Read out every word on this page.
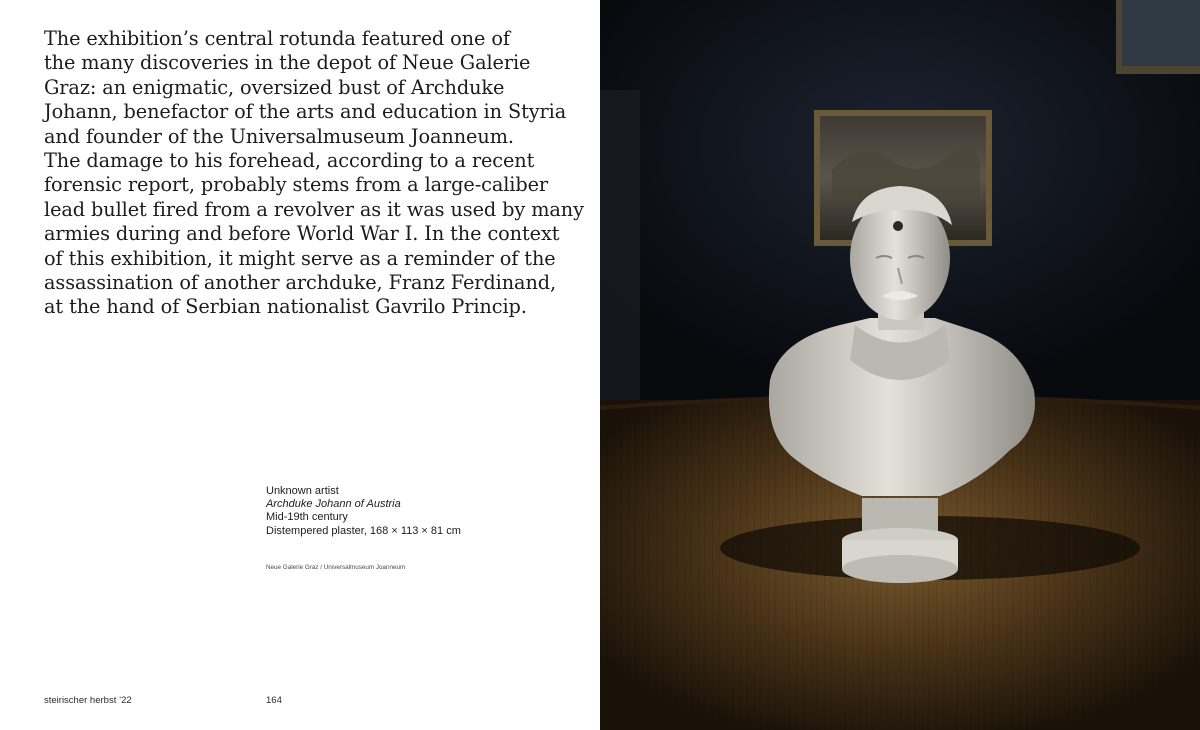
The exhibition’s central rotunda featured one of
the many discoveries in the depot of Neue Galerie
Graz: an enigmatic, oversized bust of Archduke
Johann, benefactor of the arts and education in Styria
and founder of the Universalmuseum Joanneum.
The damage to his forehead, according to a recent
forensic report, probably stems from a large-caliber
lead bullet fired from a revolver as it was used by many
armies during and before World War I. In the context
of this exhibition, it might serve as a reminder of the
assassination of another archduke, Franz Ferdinand,
at the hand of Serbian nationalist Gavrilo Princip.

Unknown artist
Archduke Johann of Austria
Mid-19th century
Distempered plaster, 168 × 113 × 81 cm
Neue Galerie Graz / Universalmuseum Joanneum
steirischer herbst ’22	164
